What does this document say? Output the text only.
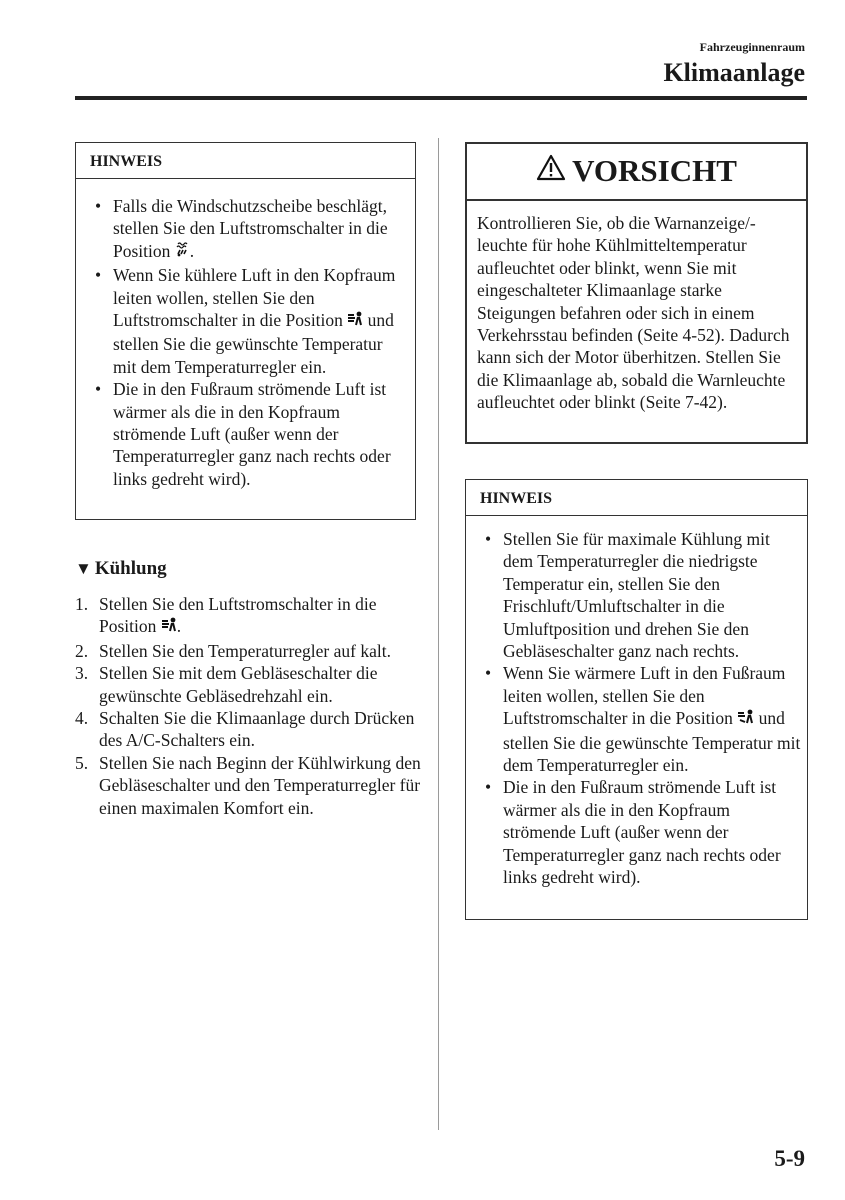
Fahrzeuginnenraum
Klimaanlage
HINWEIS
• Falls die Windschutzscheibe beschlägt, stellen Sie den Luftstromschalter in die Position .
• Wenn Sie kühlere Luft in den Kopfraum leiten wollen, stellen Sie den Luftstromschalter in die Position und stellen Sie die gewünschte Temperatur mit dem Temperaturregler ein.
• Die in den Fußraum strömende Luft ist wärmer als die in den Kopfraum strömende Luft (außer wenn der Temperaturregler ganz nach rechts oder links gedreht wird).
VORSICHT
Kontrollieren Sie, ob die Warnanzeige/-leuchte für hohe Kühlmitteltemperatur aufleuchtet oder blinkt, wenn Sie mit eingeschalteter Klimaanlage starke Steigungen befahren oder sich in einem Verkehrsstau befinden (Seite 4-52). Dadurch kann sich der Motor überhitzen. Stellen Sie die Klimaanlage ab, sobald die Warnleuchte aufleuchtet oder blinkt (Seite 7-42).
▼ Kühlung
1. Stellen Sie den Luftstromschalter in die Position .
2. Stellen Sie den Temperaturregler auf kalt.
3. Stellen Sie mit dem Gebläseschalter die gewünschte Gebläsedrehzahl ein.
4. Schalten Sie die Klimaanlage durch Drücken des A/C-Schalters ein.
5. Stellen Sie nach Beginn der Kühlwirkung den Gebläseschalter und den Temperaturregler für einen maximalen Komfort ein.
HINWEIS
• Stellen Sie für maximale Kühlung mit dem Temperaturregler die niedrigste Temperatur ein, stellen Sie den Frischluft/Umluftschalter in die Umluftposition und drehen Sie den Gebläseschalter ganz nach rechts.
• Wenn Sie wärmere Luft in den Fußraum leiten wollen, stellen Sie den Luftstromschalter in die Position und stellen Sie die gewünschte Temperatur mit dem Temperaturregler ein.
• Die in den Fußraum strömende Luft ist wärmer als die in den Kopfraum strömende Luft (außer wenn der Temperaturregler ganz nach rechts oder links gedreht wird).
5-9
